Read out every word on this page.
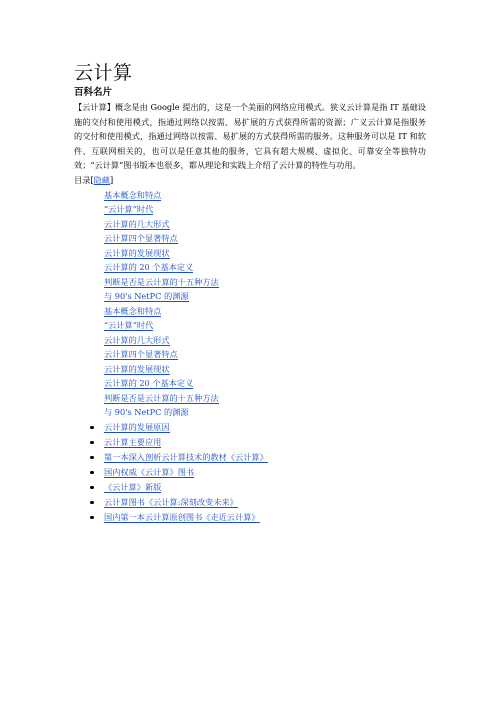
云计算

百科名片

【云计算】概念是由 Google 提出的，这是一个美丽的网络应用模式。狭义云计算是指 IT 基础设施的交付和使用模式，指通过网络以按需、易扩展的方式获得所需的资源；广义云计算是指服务的交付和使用模式，指通过网络以按需、易扩展的方式获得所需的服务。这种服务可以是 IT 和软件、互联网相关的，也可以是任意其他的服务，它具有超大规模、虚拟化、可靠安全等独特功效；“云计算”图书版本也很多，都从理论和实践上介绍了云计算的特性与功用。

目录[隐藏]

基本概念和特点
“云计算”时代
云计算的几大形式
云计算四个显著特点
云计算的发展现状
云计算的 20 个基本定义
判断是否是云计算的十五种方法
与 90's NetPC 的渊源
基本概念和特点
“云计算”时代
云计算的几大形式
云计算四个显著特点
云计算的发展现状
云计算的 20 个基本定义
判断是否是云计算的十五种方法
与 90's NetPC 的渊源
云计算的发展原因
云计算主要应用
第一本深入剖析云计算技术的教材《云计算》
国内权威《云计算》图书
《云计算》新版
云计算图书《云计算:深刻改变未来》
国内第一本云计算原创图书《走近云计算》
